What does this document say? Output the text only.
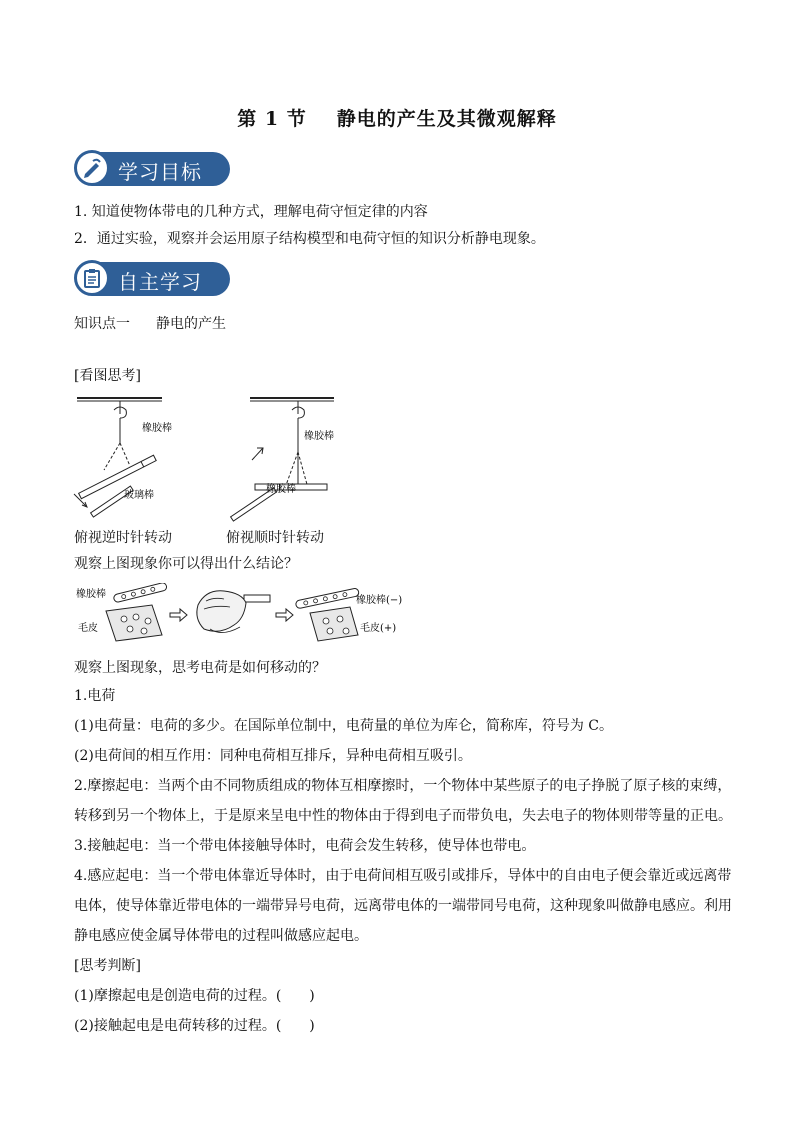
第 1 节 静电的产生及其微观解释
学习目标
1. 知道使物体带电的几种方式，理解电荷守恒定律的内容
2．通过实验，观察并会运用原子结构模型和电荷守恒的知识分析静电现象。
自主学习
知识点一 静电的产生
[看图思考]
橡胶棒
玻璃棒
橡胶棒
橡胶棒
俯视逆时针转动	俯视顺时针转动
观察上图现象你可以得出什么结论？
橡胶棒
毛皮
橡胶棒(−)
毛皮(+)
观察上图现象，思考电荷是如何移动的？
1.电荷
(1)电荷量：电荷的多少。在国际单位制中，电荷量的单位为库仑，简称库，符号为 C。
(2)电荷间的相互作用：同种电荷相互排斥，异种电荷相互吸引。
2.摩擦起电：当两个由不同物质组成的物体互相摩擦时，一个物体中某些原子的电子挣脱了原子核的束缚，转移到另一个物体上，于是原来呈电中性的物体由于得到电子而带负电，失去电子的物体则带等量的正电。
3.接触起电：当一个带电体接触导体时，电荷会发生转移，使导体也带电。
4.感应起电：当一个带电体靠近导体时，由于电荷间相互吸引或排斥，导体中的自由电子便会靠近或远离带电体，使导体靠近带电体的一端带异号电荷，远离带电体的一端带同号电荷，这种现象叫做静电感应。利用静电感应使金属导体带电的过程叫做感应起电。
[思考判断]
(1)摩擦起电是创造电荷的过程。( )
(2)接触起电是电荷转移的过程。( )
